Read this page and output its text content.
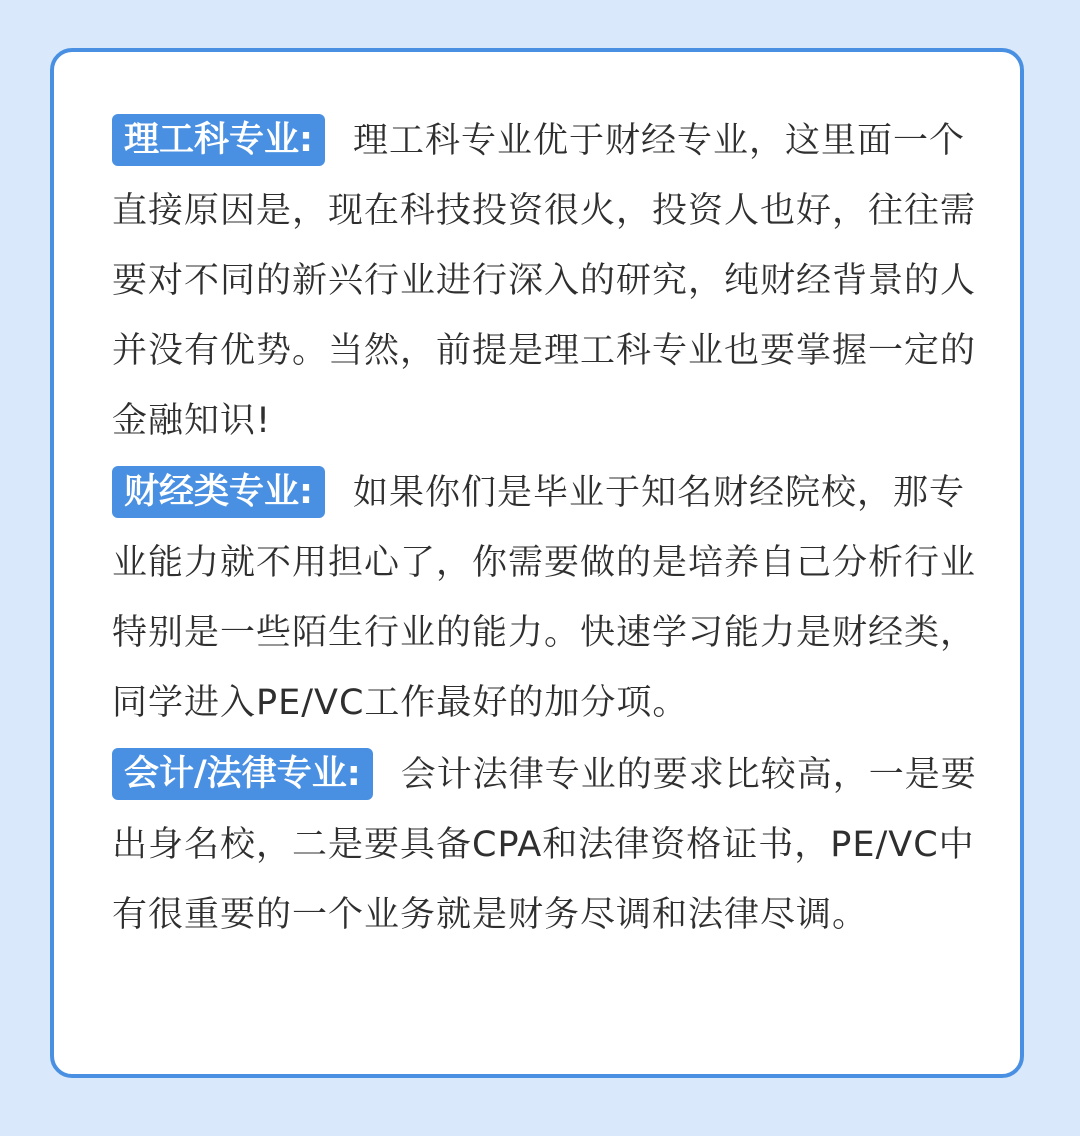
理工科专业: 理工科专业优于财经专业，这里面一个直接原因是，现在科技投资很火，投资人也好，往往需要对不同的新兴行业进行深入的研究，纯财经背景的人并没有优势。当然，前提是理工科专业也要掌握一定的金融知识!
财经类专业: 如果你们是毕业于知名财经院校，那专业能力就不用担心了，你需要做的是培养自己分析行业特别是一些陌生行业的能力。快速学习能力是财经类，同学进入PE/VC工作最好的加分项。
会计/法律专业: 会计法律专业的要求比较高，一是要出身名校，二是要具备CPA和法律资格证书，PE/VC中有很重要的一个业务就是财务尽调和法律尽调。
